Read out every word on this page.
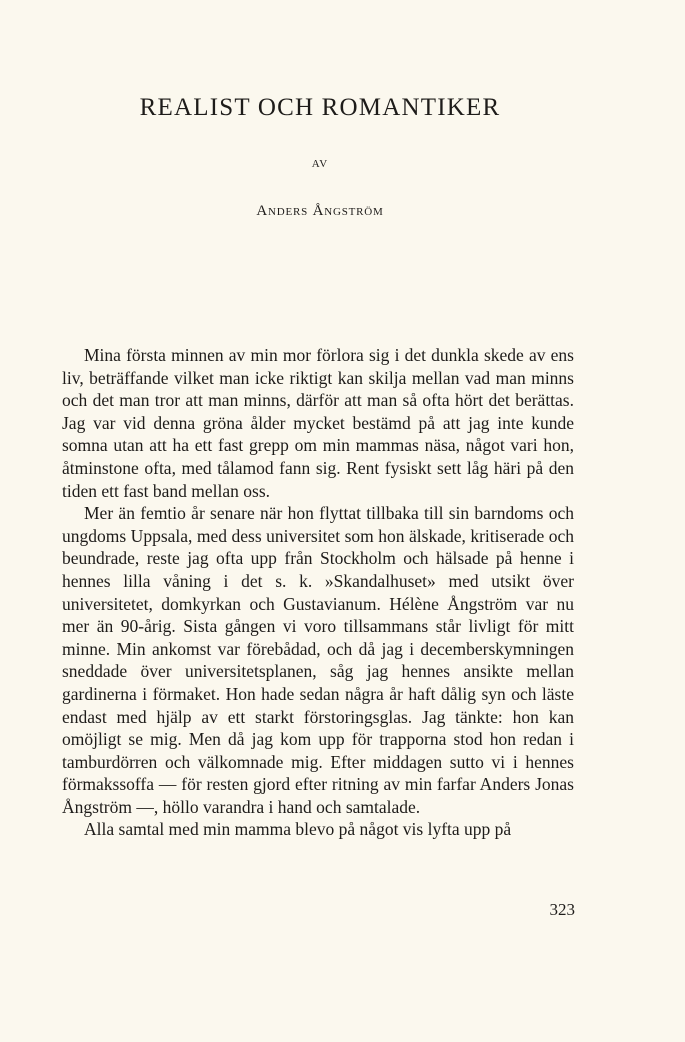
REALIST OCH ROMANTIKER
AV
Anders Ångström

Mina första minnen av min mor förlora sig i det dunkla skede av ens liv, beträffande vilket man icke riktigt kan skilja mellan vad man minns och det man tror att man minns, därför att man så ofta hört det berättas. Jag var vid denna gröna ålder mycket bestämd på att jag inte kunde somna utan att ha ett fast grepp om min mammas näsa, något vari hon, åtminstone ofta, med tålamod fann sig. Rent fysiskt sett låg häri på den tiden ett fast band mellan oss.

Mer än femtio år senare när hon flyttat tillbaka till sin barndoms och ungdoms Uppsala, med dess universitet som hon älskade, kritiserade och beundrade, reste jag ofta upp från Stockholm och hälsade på henne i hennes lilla våning i det s. k. »Skandalhuset» med utsikt över universitetet, domkyrkan och Gustavianum. Hélène Ångström var nu mer än 90-årig. Sista gången vi voro tillsammans står livligt för mitt minne. Min ankomst var förebådad, och då jag i decemberskymningen sneddade över universitetsplanen, såg jag hennes ansikte mellan gardinerna i förmaket. Hon hade sedan några år haft dålig syn och läste endast med hjälp av ett starkt förstoringsglas. Jag tänkte: hon kan omöjligt se mig. Men då jag kom upp för trapporna stod hon redan i tamburdörren och välkomnade mig. Efter middagen sutto vi i hennes förmakssoffa — för resten gjord efter ritning av min farfar Anders Jonas Ångström —, höllo varandra i hand och samtalade.

Alla samtal med min mamma blevo på något vis lyfta upp på

323
